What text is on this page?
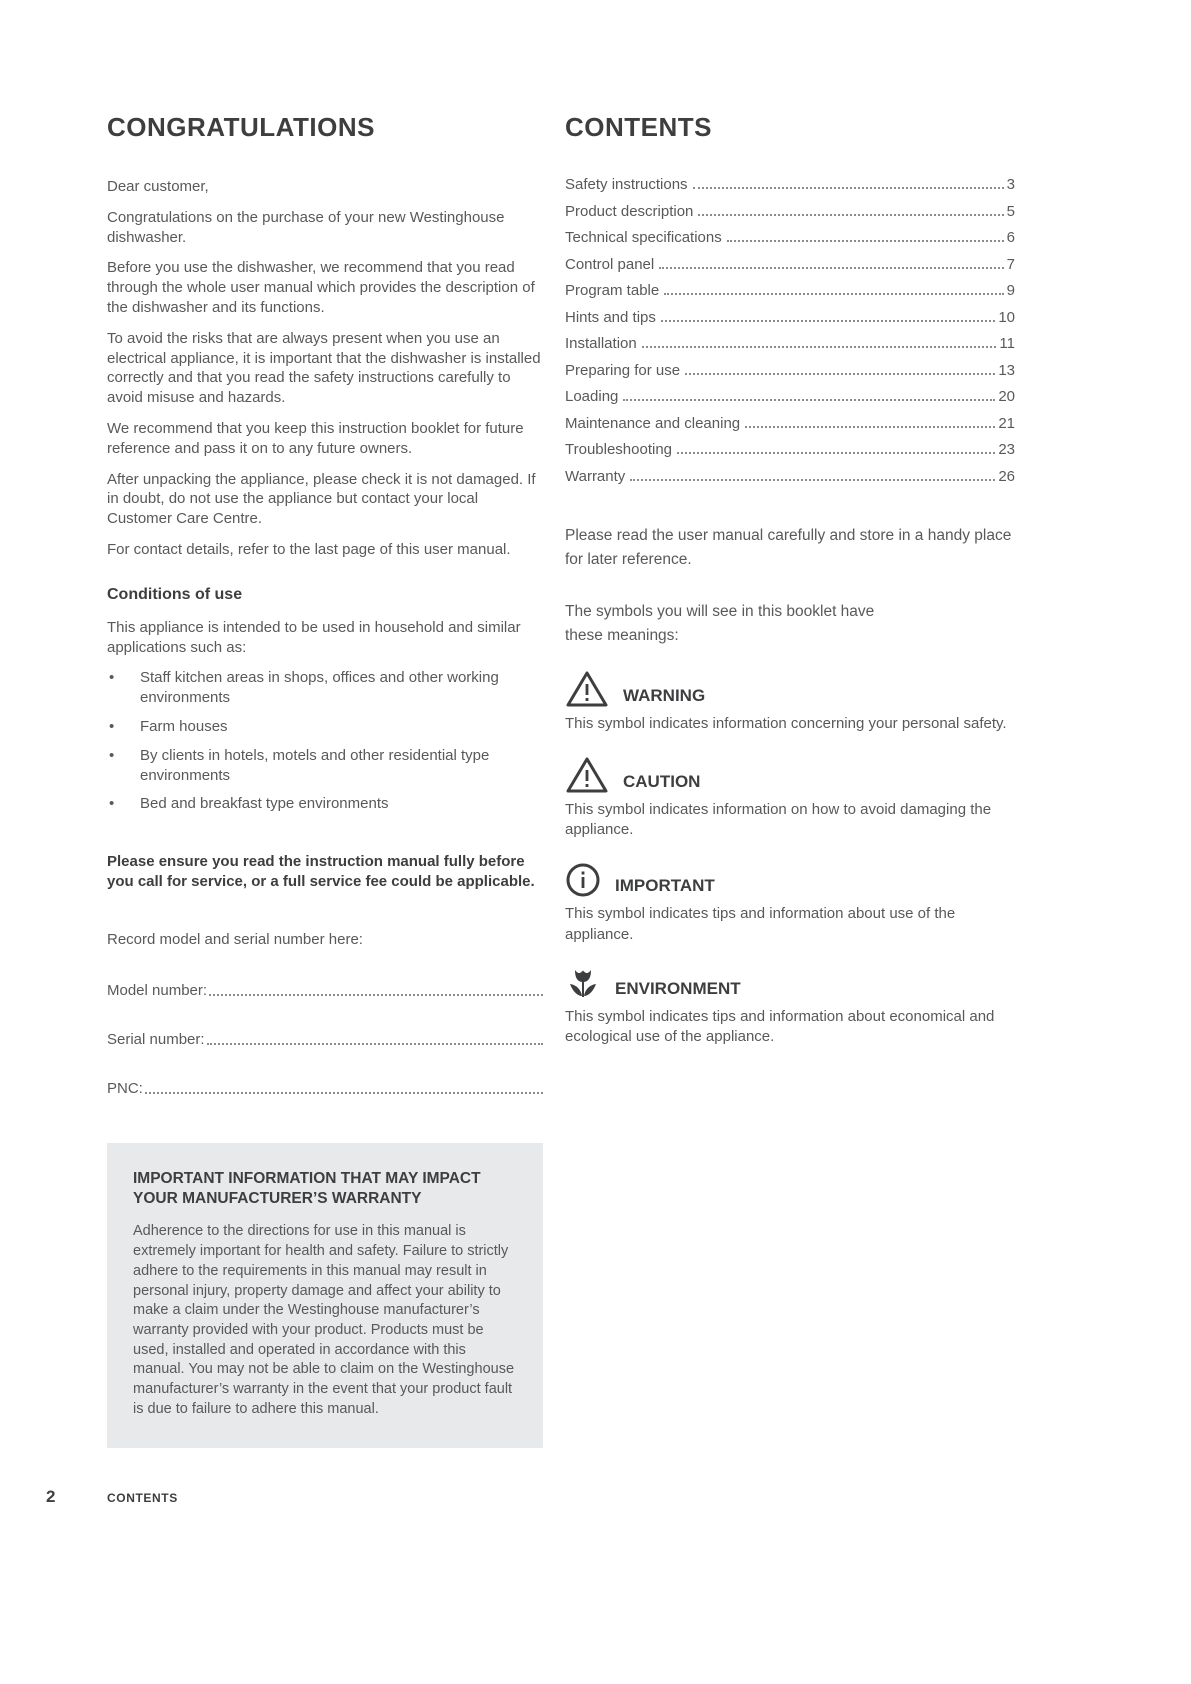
CONGRATULATIONS

Dear customer,

Congratulations on the purchase of your new Westinghouse dishwasher.

Before you use the dishwasher, we recommend that you read through the whole user manual which provides the description of the dishwasher and its functions.

To avoid the risks that are always present when you use an electrical appliance, it is important that the dishwasher is installed correctly and that you read the safety instructions carefully to avoid misuse and hazards.

We recommend that you keep this instruction booklet for future reference and pass it on to any future owners.

After unpacking the appliance, please check it is not damaged. If in doubt, do not use the appliance but contact your local Customer Care Centre.

For contact details, refer to the last page of this user manual.

Conditions of use

This appliance is intended to be used in household and similar applications such as:

• Staff kitchen areas in shops, offices and other working environments
• Farm houses
• By clients in hotels, motels and other residential type environments
• Bed and breakfast type environments

Please ensure you read the instruction manual fully before you call for service, or a full service fee could be applicable.

Record model and serial number here:

Model number:
Serial number:
PNC:
IMPORTANT INFORMATION THAT MAY IMPACT YOUR MANUFACTURER’S WARRANTY

Adherence to the directions for use in this manual is extremely important for health and safety. Failure to strictly adhere to the requirements in this manual may result in personal injury, property damage and affect your ability to make a claim under the Westinghouse manufacturer’s warranty provided with your product. Products must be used, installed and operated in accordance with this manual. You may not be able to claim on the Westinghouse manufacturer’s warranty in the event that your product fault is due to failure to adhere this manual.

CONTENTS
Safety instructions	3
Product description	5
Technical specifications	6
Control panel	7
Program table	9
Hints and tips	10
Installation	11
Preparing for use	13
Loading	20
Maintenance and cleaning	21
Troubleshooting	23
Warranty	26

Please read the user manual carefully and store in a handy place for later reference.

The symbols you will see in this booklet have these meanings:

WARNING

This symbol indicates information concerning your personal safety.

CAUTION

This symbol indicates information on how to avoid damaging the appliance.

IMPORTANT

This symbol indicates tips and information about use of the appliance.

ENVIRONMENT

This symbol indicates tips and information about economical and ecological use of the appliance.

2	CONTENTS
